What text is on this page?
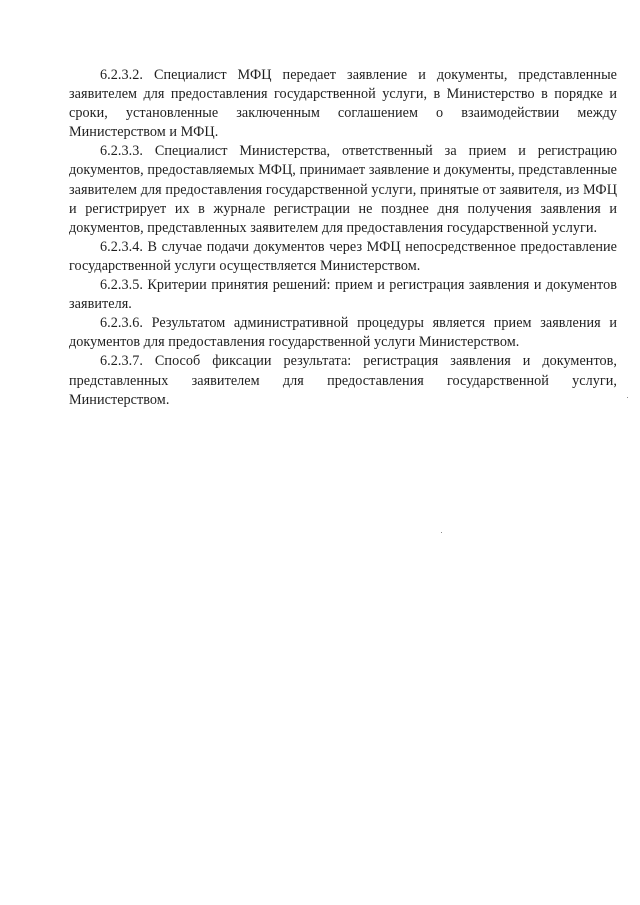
6.2.3.2. Специалист МФЦ передает заявление и документы, представленные заявителем для предоставления государственной услуги, в Министерство в порядке и сроки, установленные заключенным соглашением о взаимодействии между Министерством и МФЦ.

6.2.3.3. Специалист Министерства, ответственный за прием и регистрацию документов, предоставляемых МФЦ, принимает заявление и документы, представленные заявителем для предоставления государственной услуги, принятые от заявителя, из МФЦ и регистрирует их в журнале регистрации не позднее дня получения заявления и документов, представленных заявителем для предоставления государственной услуги.

6.2.3.4. В случае подачи документов через МФЦ непосредственное предоставление государственной услуги осуществляется Министерством.

6.2.3.5. Критерии принятия решений: прием и регистрация заявления и документов заявителя.

6.2.3.6. Результатом административной процедуры является прием заявления и документов для предоставления государственной услуги Министерством.

6.2.3.7. Способ фиксации результата: регистрация заявления и документов, представленных заявителем для предоставления государственной услуги, Министерством.
